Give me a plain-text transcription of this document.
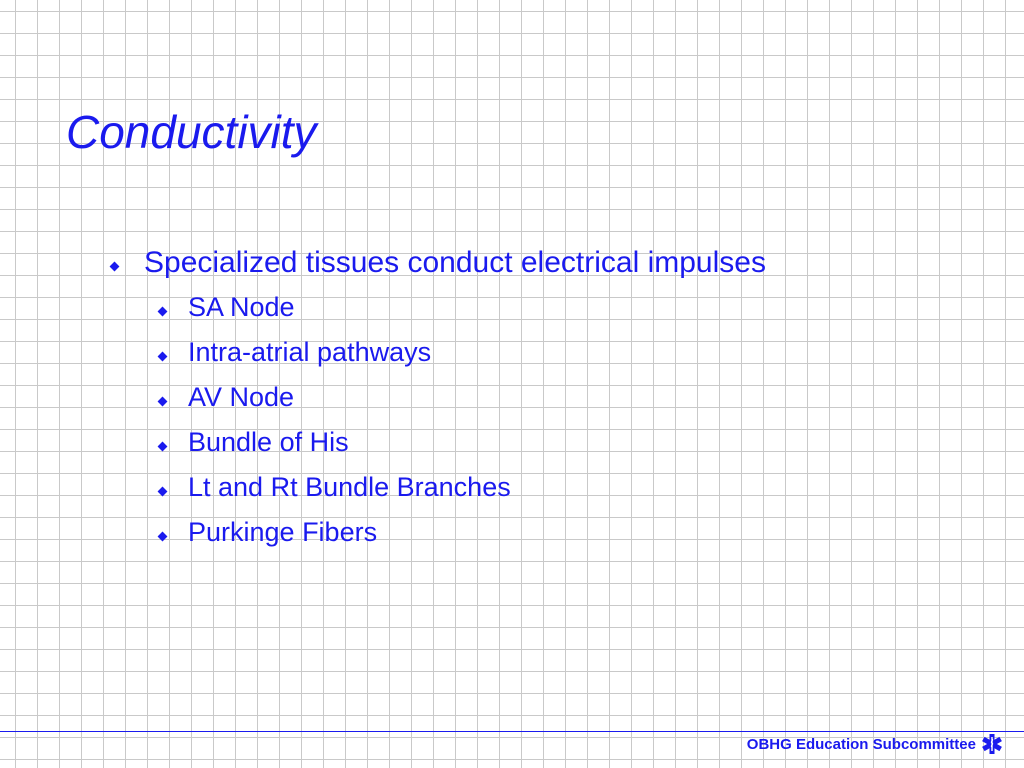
Conductivity
Specialized tissues conduct electrical impulses
SA Node
Intra-atrial pathways
AV Node
Bundle of His
Lt and Rt Bundle Branches
Purkinge Fibers
OBHG Education Subcommittee
